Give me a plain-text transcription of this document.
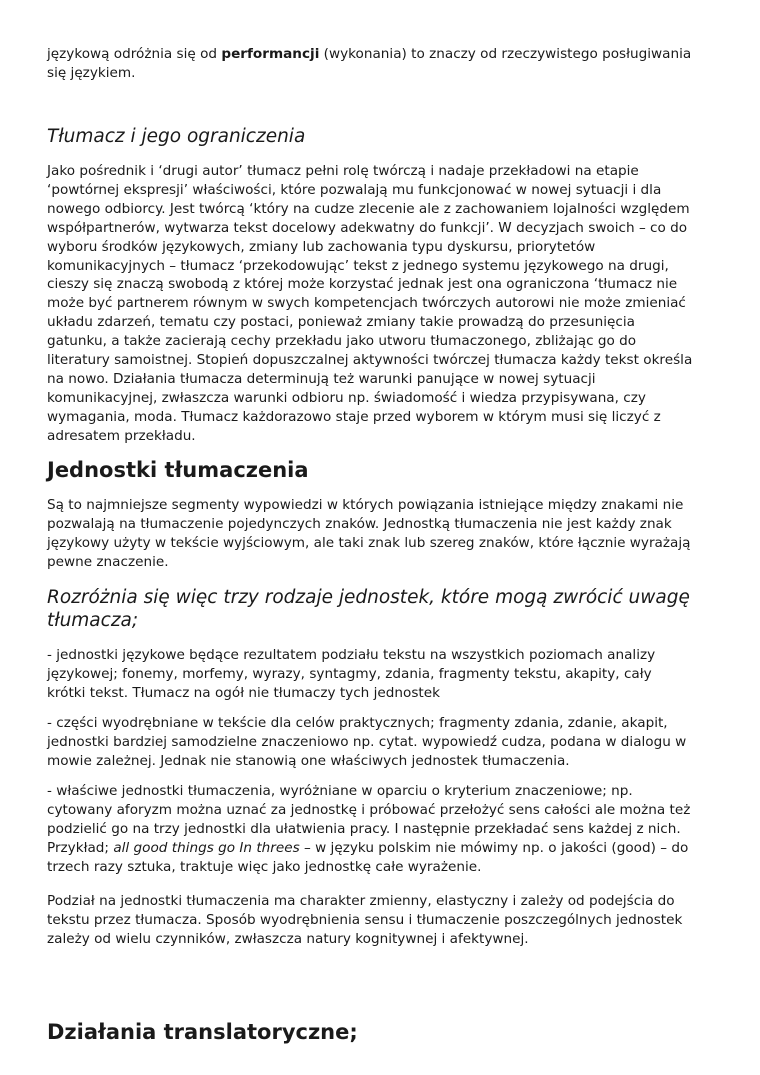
językową odróżnia się od performancji (wykonania) to znaczy od rzeczywistego posługiwania
się językiem.
Tłumacz i jego ograniczenia
Jako pośrednik i ‘drugi autor’ tłumacz pełni rolę twórczą i nadaje przekładowi na etapie
‘powtórnej ekspresji’ właściwości, które pozwalają mu funkcjonować w nowej sytuacji i dla
nowego odbiorcy. Jest twórcą ‘który na cudze zlecenie ale z zachowaniem lojalności względem
współpartnerów, wytwarza tekst docelowy adekwatny do funkcji’. W decyzjach swoich – co do
wyboru środków językowych, zmiany lub zachowania typu dyskursu, priorytetów
komunikacyjnych – tłumacz ‘przekodowując’ tekst z jednego systemu językowego na drugi,
cieszy się znaczą swobodą z której może korzystać jednak jest ona ograniczona ‘tłumacz nie
może być partnerem równym w swych kompetencjach twórczych autorowi nie może zmieniać
układu zdarzeń, tematu czy postaci, ponieważ zmiany takie prowadzą do przesunięcia
gatunku, a także zacierają cechy przekładu jako utworu tłumaczonego, zbliżając go do
literatury samoistnej. Stopień dopuszczalnej aktywności twórczej tłumacza każdy tekst określa
na nowo. Działania tłumacza determinują też warunki panujące w nowej sytuacji
komunikacyjnej, zwłaszcza warunki odbioru np. świadomość i wiedza przypisywana, czy
wymagania, moda. Tłumacz każdorazowo staje przed wyborem w którym musi się liczyć z
adresatem przekładu.
Jednostki tłumaczenia
Są to najmniejsze segmenty wypowiedzi w których powiązania istniejące między znakami nie
pozwalają na tłumaczenie pojedynczych znaków. Jednostką tłumaczenia nie jest każdy znak
językowy użyty w tekście wyjściowym, ale taki znak lub szereg znaków, które łącznie wyrażają
pewne znaczenie.
Rozróżnia się więc trzy rodzaje jednostek, które mogą zwrócić uwagę
tłumacza;
- jednostki językowe będące rezultatem podziału tekstu na wszystkich poziomach analizy
językowej; fonemy, morfemy, wyrazy, syntagmy, zdania, fragmenty tekstu, akapity, cały
krótki tekst. Tłumacz na ogół nie tłumaczy tych jednostek
- części wyodrębniane w tekście dla celów praktycznych; fragmenty zdania, zdanie, akapit,
jednostki bardziej samodzielne znaczeniowo np. cytat. wypowiedź cudza, podana w dialogu w
mowie zależnej. Jednak nie stanowią one właściwych jednostek tłumaczenia.
- właściwe jednostki tłumaczenia, wyróżniane w oparciu o kryterium znaczeniowe; np.
cytowany aforyzm można uznać za jednostkę i próbować przełożyć sens całości ale można też
podzielić go na trzy jednostki dla ułatwienia pracy. I następnie przekładać sens każdej z nich.
Przykład; all good things go In threes – w języku polskim nie mówimy np. o jakości (good) – do
trzech razy sztuka, traktuje więc jako jednostkę całe wyrażenie.
Podział na jednostki tłumaczenia ma charakter zmienny, elastyczny i zależy od podejścia do
tekstu przez tłumacza. Sposób wyodrębnienia sensu i tłumaczenie poszczególnych jednostek
zależy od wielu czynników, zwłaszcza natury kognitywnej i afektywnej.
Działania translatoryczne;
